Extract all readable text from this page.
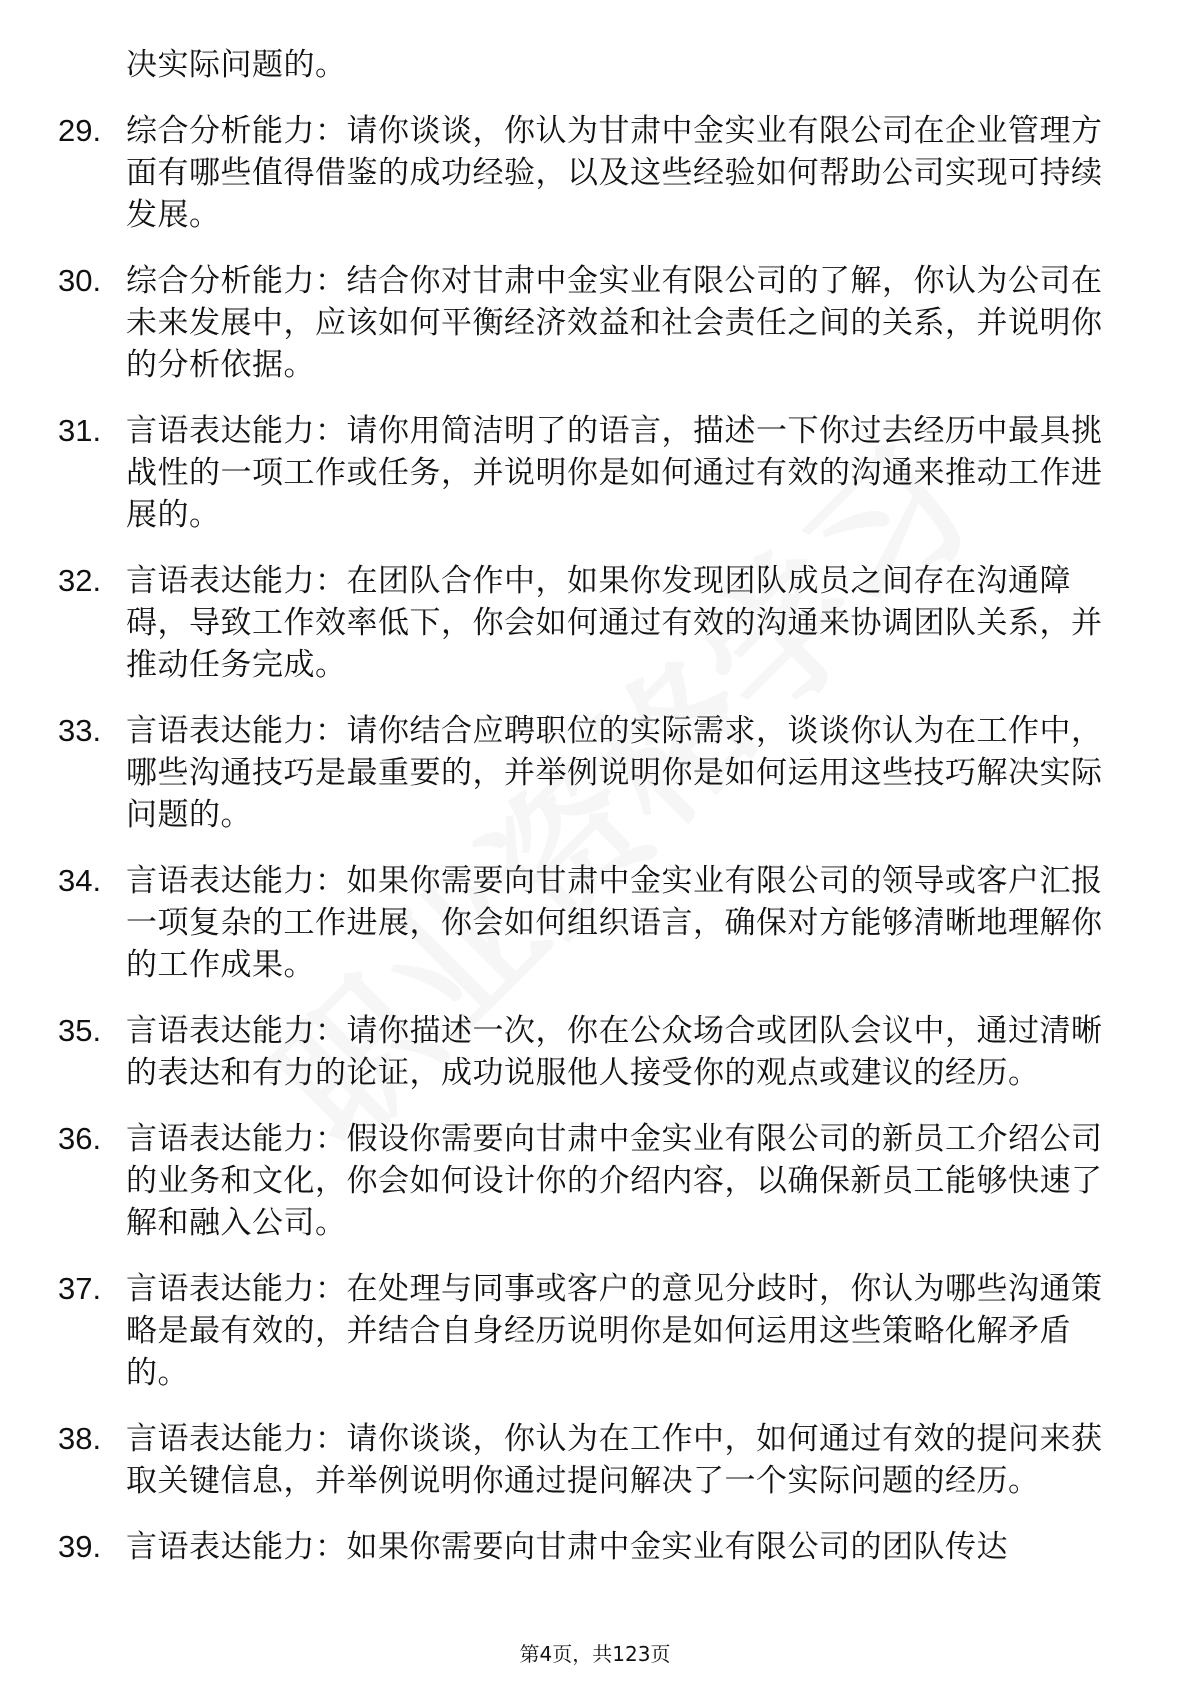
决实际问题的。

29. 综合分析能力：请你谈谈，你认为甘肃中金实业有限公司在企业管理方面有哪些值得借鉴的成功经验，以及这些经验如何帮助公司实现可持续发展。
30. 综合分析能力：结合你对甘肃中金实业有限公司的了解，你认为公司在未来发展中，应该如何平衡经济效益和社会责任之间的关系，并说明你的分析依据。
31. 言语表达能力：请你用简洁明了的语言，描述一下你过去经历中最具挑战性的一项工作或任务，并说明你是如何通过有效的沟通来推动工作进展的。
32. 言语表达能力：在团队合作中，如果你发现团队成员之间存在沟通障碍，导致工作效率低下，你会如何通过有效的沟通来协调团队关系，并推动任务完成。
33. 言语表达能力：请你结合应聘职位的实际需求，谈谈你认为在工作中，哪些沟通技巧是最重要的，并举例说明你是如何运用这些技巧解决实际问题的。
34. 言语表达能力：如果你需要向甘肃中金实业有限公司的领导或客户汇报一项复杂的工作进展，你会如何组织语言，确保对方能够清晰地理解你的工作成果。
35. 言语表达能力：请你描述一次，你在公众场合或团队会议中，通过清晰的表达和有力的论证，成功说服他人接受你的观点或建议的经历。
36. 言语表达能力：假设你需要向甘肃中金实业有限公司的新员工介绍公司的业务和文化，你会如何设计你的介绍内容，以确保新员工能够快速了解和融入公司。
37. 言语表达能力：在处理与同事或客户的意见分歧时，你认为哪些沟通策略是最有效的，并结合自身经历说明你是如何运用这些策略化解矛盾的。
38. 言语表达能力：请你谈谈，你认为在工作中，如何通过有效的提问来获取关键信息，并举例说明你通过提问解决了一个实际问题的经历。
39. 言语表达能力：如果你需要向甘肃中金实业有限公司的团队传达
第4页，共123页
